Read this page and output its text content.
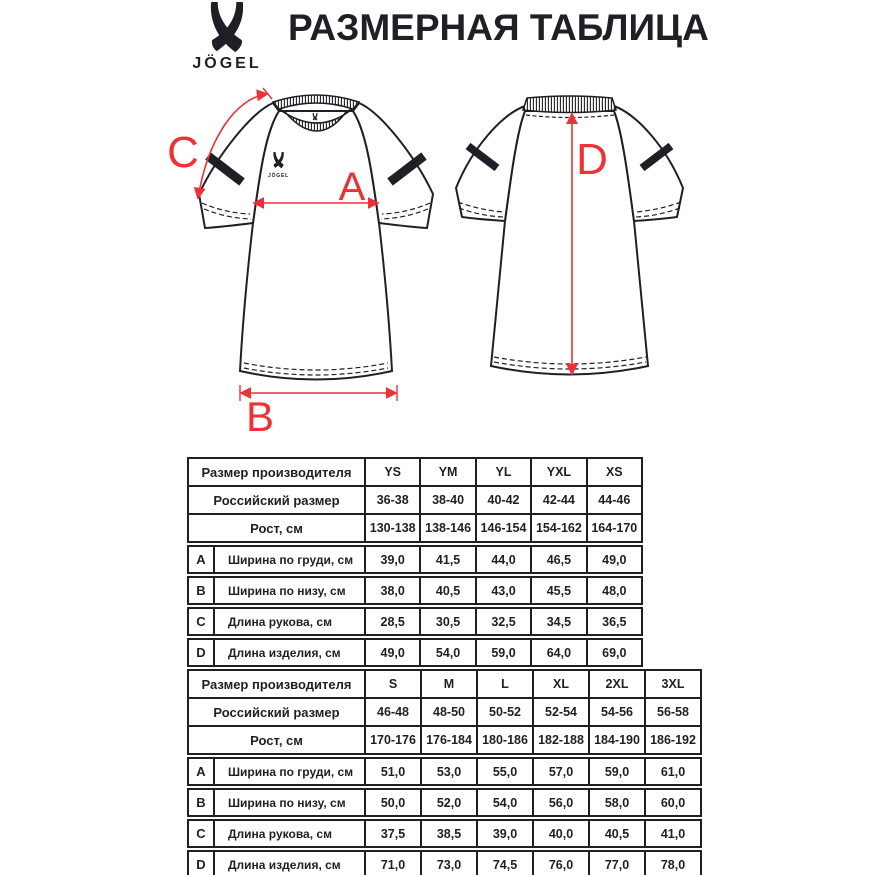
JÖGEL
РАЗМЕРНАЯ ТАБЛИЦА
JÖGEL A
B
C	D
Размер производителя	YS	YM	YL	YXL	XS
Российский размер	36-38	38-40	40-42	42-44	44-46
Рост, см	130-138 138-146 146-154 154-162 164-170
A	Ширина по груди, см	39,0	41,5	44,0	46,5	49,0
B	Ширина по низу, см	38,0	40,5	43,0	45,5	48,0
C	Длина рукова, см	28,5	30,5	32,5	34,5	36,5
D	Длина изделия, см	49,0	54,0	59,0	64,0	69,0
Размер производителя	S	M	L	XL	2XL	3XL
Российский размер	46-48	48-50	50-52	52-54	54-56	56-58
Рост, см	170-176 176-184 180-186 182-188 184-190 186-192
A	Ширина по груди, см	51,0	53,0	55,0	57,0	59,0	61,0
B	Ширина по низу, см	50,0	52,0	54,0	56,0	58,0	60,0
C	Длина рукова, см	37,5	38,5	39,0	40,0	40,5	41,0
D	Длина изделия, см	71,0	73,0	74,5	76,0	77,0	78,0
